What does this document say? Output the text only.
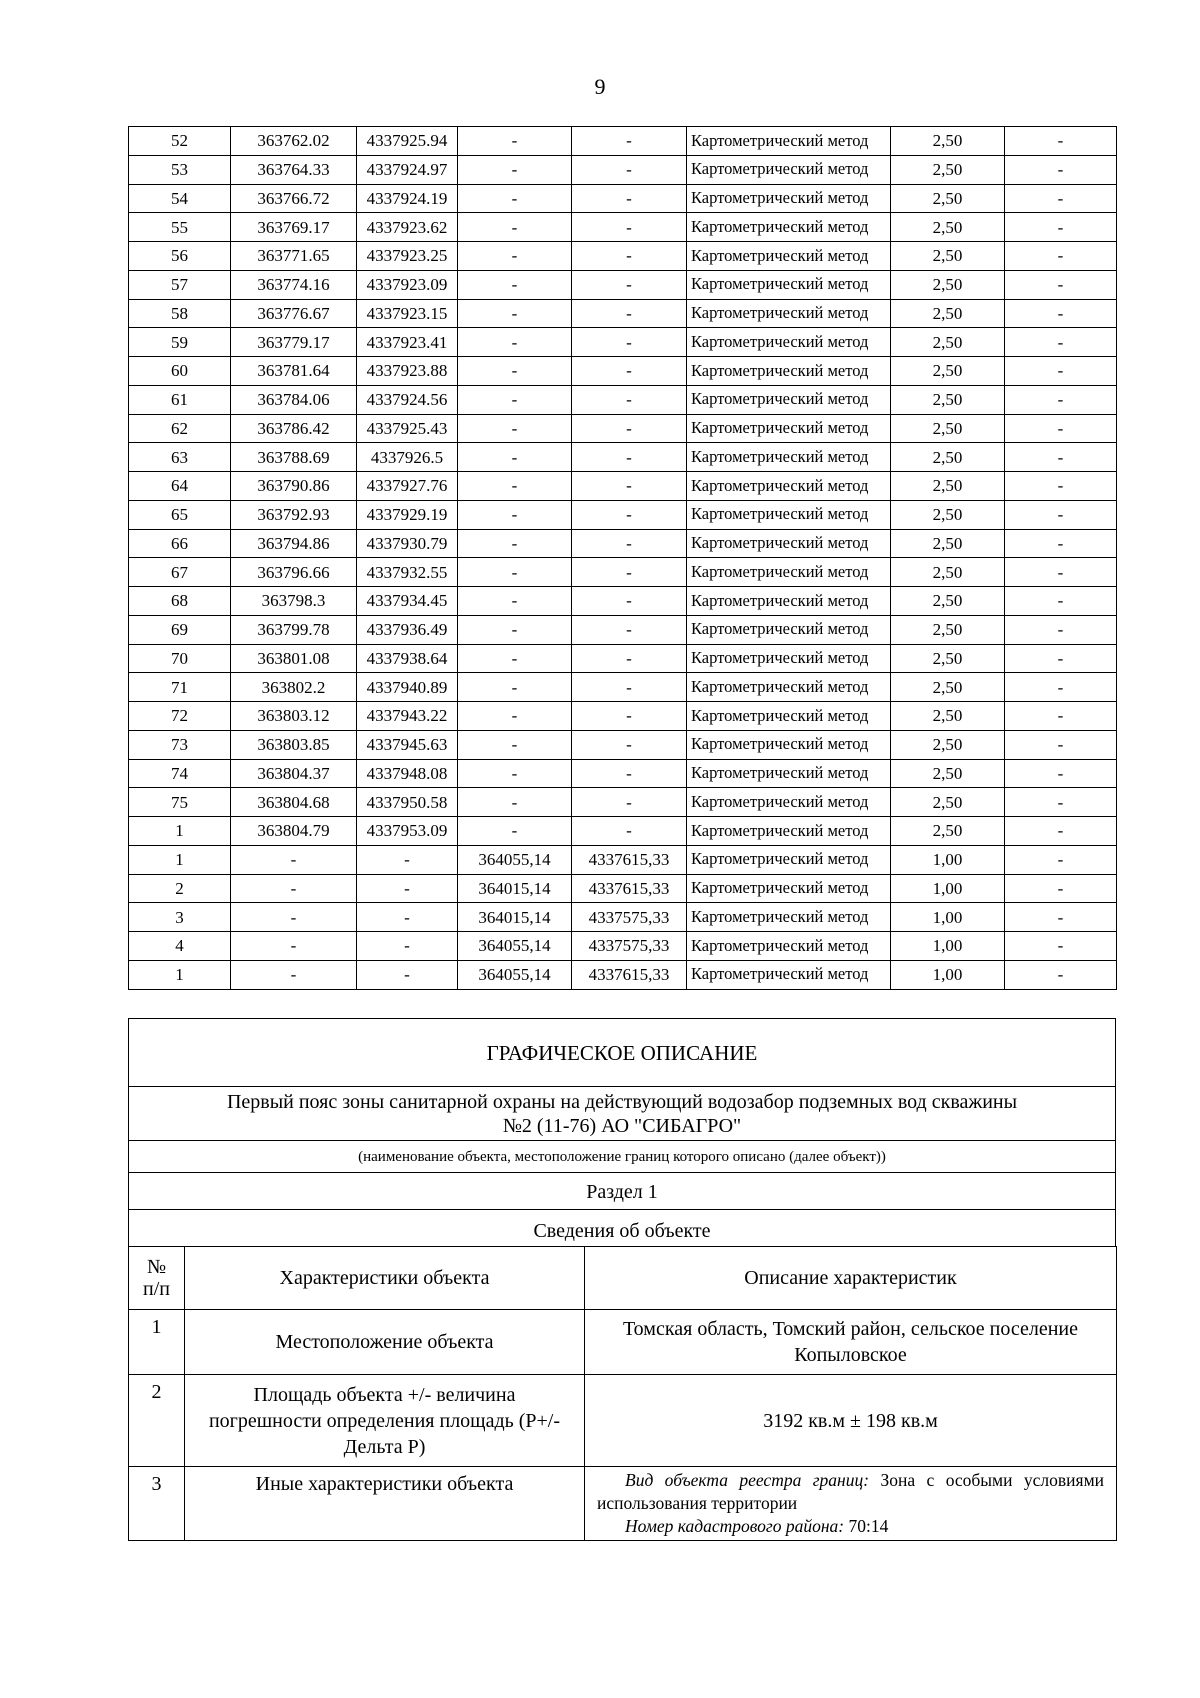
9
52	363762.02	4337925.94	-	-	Картометрический метод	2,50	-
53	363764.33	4337924.97	-	-	Картометрический метод	2,50	-
54	363766.72	4337924.19	-	-	Картометрический метод	2,50	-
55	363769.17	4337923.62	-	-	Картометрический метод	2,50	-
56	363771.65	4337923.25	-	-	Картометрический метод	2,50	-
57	363774.16	4337923.09	-	-	Картометрический метод	2,50	-
58	363776.67	4337923.15	-	-	Картометрический метод	2,50	-
59	363779.17	4337923.41	-	-	Картометрический метод	2,50	-
60	363781.64	4337923.88	-	-	Картометрический метод	2,50	-
61	363784.06	4337924.56	-	-	Картометрический метод	2,50	-
62	363786.42	4337925.43	-	-	Картометрический метод	2,50	-
63	363788.69	4337926.5	-	-	Картометрический метод	2,50	-
64	363790.86	4337927.76	-	-	Картометрический метод	2,50	-
65	363792.93	4337929.19	-	-	Картометрический метод	2,50	-
66	363794.86	4337930.79	-	-	Картометрический метод	2,50	-
67	363796.66	4337932.55	-	-	Картометрический метод	2,50	-
68	363798.3	4337934.45	-	-	Картометрический метод	2,50	-
69	363799.78	4337936.49	-	-	Картометрический метод	2,50	-
70	363801.08	4337938.64	-	-	Картометрический метод	2,50	-
71	363802.2	4337940.89	-	-	Картометрический метод	2,50	-
72	363803.12	4337943.22	-	-	Картометрический метод	2,50	-
73	363803.85	4337945.63	-	-	Картометрический метод	2,50	-
74	363804.37	4337948.08	-	-	Картометрический метод	2,50	-
75	363804.68	4337950.58	-	-	Картометрический метод	2,50	-
1	363804.79	4337953.09	-	-	Картометрический метод	2,50	-
1	-	-	364055,14	4337615,33	Картометрический метод	1,00	-
2	-	-	364015,14	4337615,33	Картометрический метод	1,00	-
3	-	-	364015,14	4337575,33	Картометрический метод	1,00	-
4	-	-	364055,14	4337575,33	Картометрический метод	1,00	-
1	-	-	364055,14	4337615,33	Картометрический метод	1,00	-
ГРАФИЧЕСКОЕ ОПИСАНИЕ
Первый пояс зоны санитарной охраны на действующий водозабор подземных вод скважины
№2 (11-76) АО "СИБАГРО"
(наименование объекта, местоположение границ которого описано (далее объект))
Раздел 1
Сведения об объекте
№
п/п	Характеристики объекта	Описание характеристик
1	Местоположение объекта	Томская область, Томский район, сельское поселение Копыловское
2	Площадь объекта +/- величина погрешности определения площадь (Р+/- Дельта Р)	3192 кв.м ± 198 кв.м
3	Иные характеристики объекта	Вид объекта реестра границ: Зона с особыми условиями использования территории
Номер кадастрового района: 70:14
